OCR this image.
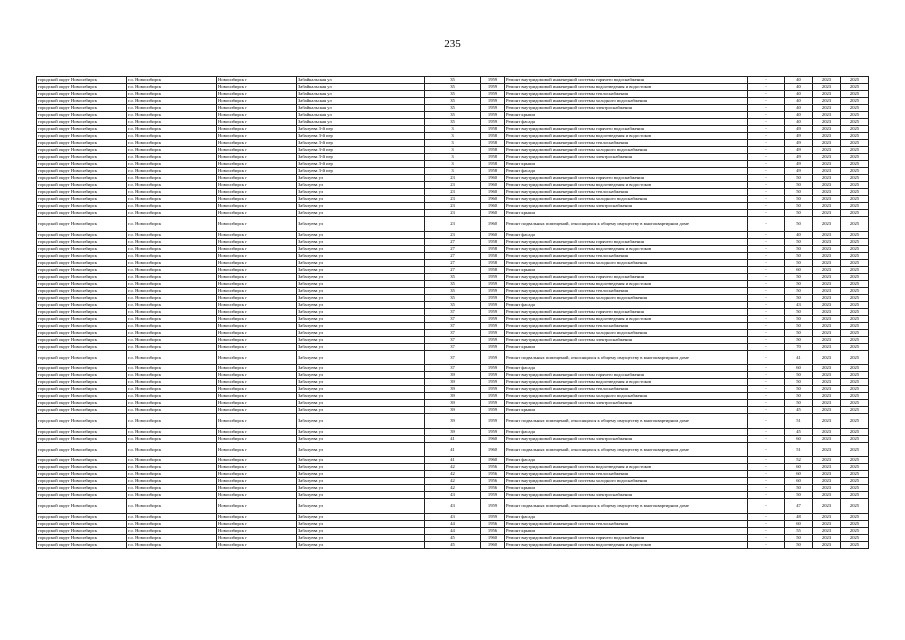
235
городской округ Новосибирск	г.о. Новосибирск	Новосибирск г	Забайкальская ул	35	1959	Ремонт внутридомовой инженерной системы горячего водоснабжения	-	40	2023	2025
городской округ Новосибирск	г.о. Новосибирск	Новосибирск г	Забайкальская ул	35	1959	Ремонт внутридомовой инженерной системы водоотведения и водостоков	-	40	2023	2025
городской округ Новосибирск	г.о. Новосибирск	Новосибирск г	Забайкальская ул	35	1959	Ремонт внутридомовой инженерной системы теплоснабжения	-	40	2023	2025
городской округ Новосибирск	г.о. Новосибирск	Новосибирск г	Забайкальская ул	35	1959	Ремонт внутридомовой инженерной системы холодного водоснабжения	-	40	2023	2025
городской округ Новосибирск	г.о. Новосибирск	Новосибирск г	Забайкальская ул	35	1959	Ремонт внутридомовой инженерной системы электроснабжения	-	40	2023	2025
городской округ Новосибирск	г.о. Новосибирск	Новосибирск г	Забайкальская ул	35	1959	Ремонт крыши	-	40	2023	2025
городской округ Новосибирск	г.о. Новосибирск	Новосибирск г	Забайкальская ул	35	1959	Ремонт фасада	-	40	2023	2025
городской округ Новосибирск	г.о. Новосибирск	Новосибирск г	Забалуева 3-й пер	3	1958	Ремонт внутридомовой инженерной системы горячего водоснабжения	-	49	2023	2025
городской округ Новосибирск	г.о. Новосибирск	Новосибирск г	Забалуева 3-й пер	3	1958	Ремонт внутридомовой инженерной системы водоотведения и водостоков	-	49	2023	2025
городской округ Новосибирск	г.о. Новосибирск	Новосибирск г	Забалуева 3-й пер	3	1958	Ремонт внутридомовой инженерной системы теплоснабжения	-	49	2023	2025
городской округ Новосибирск	г.о. Новосибирск	Новосибирск г	Забалуева 3-й пер	3	1958	Ремонт внутридомовой инженерной системы холодного водоснабжения	-	49	2023	2025
городской округ Новосибирск	г.о. Новосибирск	Новосибирск г	Забалуева 3-й пер	3	1958	Ремонт внутридомовой инженерной системы электроснабжения	-	49	2023	2025
городской округ Новосибирск	г.о. Новосибирск	Новосибирск г	Забалуева 3-й пер	3	1958	Ремонт крыши	-	49	2023	2025
городской округ Новосибирск	г.о. Новосибирск	Новосибирск г	Забалуева 3-й пер	3	1958	Ремонт фасада	-	49	2023	2025
городской округ Новосибирск	г.о. Новосибирск	Новосибирск г	Забалуева ул	23	1960	Ремонт внутридомовой инженерной системы горячего водоснабжения	-	50	2023	2025
городской округ Новосибирск	г.о. Новосибирск	Новосибирск г	Забалуева ул	23	1960	Ремонт внутридомовой инженерной системы водоотведения и водостоков	-	50	2023	2025
городской округ Новосибирск	г.о. Новосибирск	Новосибирск г	Забалуева ул	23	1960	Ремонт внутридомовой инженерной системы теплоснабжения	-	50	2023	2025
городской округ Новосибирск	г.о. Новосибирск	Новосибирск г	Забалуева ул	23	1960	Ремонт внутридомовой инженерной системы холодного водоснабжения	-	50	2023	2025
городской округ Новосибирск	г.о. Новосибирск	Новосибирск г	Забалуева ул	23	1960	Ремонт внутридомовой инженерной системы электроснабжения	-	50	2023	2025
городской округ Новосибирск	г.о. Новосибирск	Новосибирск г	Забалуева ул	23	1960	Ремонт крыши	-	50	2023	2025
городской округ Новосибирск	г.о. Новосибирск	Новосибирск г	Забалуева ул	23	1960	Ремонт подвальных помещений, относящихся к общему имуществу в многоквартирном доме	-	50	2023	2025
городской округ Новосибирск	г.о. Новосибирск	Новосибирск г	Забалуева ул	23	1960	Ремонт фасада	-	40	2023	2025
городской округ Новосибирск	г.о. Новосибирск	Новосибирск г	Забалуева ул	27	1958	Ремонт внутридомовой инженерной системы горячего водоснабжения	-	50	2023	2025
городской округ Новосибирск	г.о. Новосибирск	Новосибирск г	Забалуева ул	27	1958	Ремонт внутридомовой инженерной системы водоотведения и водостоков	-	50	2023	2025
городской округ Новосибирск	г.о. Новосибирск	Новосибирск г	Забалуева ул	27	1958	Ремонт внутридомовой инженерной системы теплоснабжения	-	50	2023	2025
городской округ Новосибирск	г.о. Новосибирск	Новосибирск г	Забалуева ул	27	1958	Ремонт внутридомовой инженерной системы холодного водоснабжения	-	50	2023	2025
городской округ Новосибирск	г.о. Новосибирск	Новосибирск г	Забалуева ул	27	1958	Ремонт крыши	-	60	2023	2025
городской округ Новосибирск	г.о. Новосибирск	Новосибирск г	Забалуева ул	35	1959	Ремонт внутридомовой инженерной системы горячего водоснабжения	-	50	2023	2025
городской округ Новосибирск	г.о. Новосибирск	Новосибирск г	Забалуева ул	35	1959	Ремонт внутридомовой инженерной системы водоотведения и водостоков	-	50	2023	2025
городской округ Новосибирск	г.о. Новосибирск	Новосибирск г	Забалуева ул	35	1959	Ремонт внутридомовой инженерной системы теплоснабжения	-	50	2023	2025
городской округ Новосибирск	г.о. Новосибирск	Новосибирск г	Забалуева ул	35	1959	Ремонт внутридомовой инженерной системы холодного водоснабжения	-	50	2023	2025
городской округ Новосибирск	г.о. Новосибирск	Новосибирск г	Забалуева ул	35	1959	Ремонт фасада	-	43	2023	2025
городской округ Новосибирск	г.о. Новосибирск	Новосибирск г	Забалуева ул	37	1959	Ремонт внутридомовой инженерной системы горячего водоснабжения	-	50	2023	2025
городской округ Новосибирск	г.о. Новосибирск	Новосибирск г	Забалуева ул	37	1959	Ремонт внутридомовой инженерной системы водоотведения и водостоков	-	50	2023	2025
городской округ Новосибирск	г.о. Новосибирск	Новосибирск г	Забалуева ул	37	1959	Ремонт внутридомовой инженерной системы теплоснабжения	-	50	2023	2025
городской округ Новосибирск	г.о. Новосибирск	Новосибирск г	Забалуева ул	37	1959	Ремонт внутридомовой инженерной системы холодного водоснабжения	-	50	2023	2025
городской округ Новосибирск	г.о. Новосибирск	Новосибирск г	Забалуева ул	37	1959	Ремонт внутридомовой инженерной системы электроснабжения	-	50	2023	2025
городской округ Новосибирск	г.о. Новосибирск	Новосибирск г	Забалуева ул	37	1959	Ремонт крыши	-	70	2023	2025
городской округ Новосибирск	г.о. Новосибирск	Новосибирск г	Забалуева ул	37	1959	Ремонт подвальных помещений, относящихся к общему имуществу в многоквартирном доме	-	41	2023	2025
городской округ Новосибирск	г.о. Новосибирск	Новосибирск г	Забалуева ул	37	1959	Ремонт фасада	-	60	2023	2025
городской округ Новосибирск	г.о. Новосибирск	Новосибирск г	Забалуева ул	39	1959	Ремонт внутридомовой инженерной системы горячего водоснабжения	-	50	2023	2025
городской округ Новосибирск	г.о. Новосибирск	Новосибирск г	Забалуева ул	39	1959	Ремонт внутридомовой инженерной системы водоотведения и водостоков	-	50	2023	2025
городской округ Новосибирск	г.о. Новосибирск	Новосибирск г	Забалуева ул	39	1959	Ремонт внутридомовой инженерной системы теплоснабжения	-	50	2023	2025
городской округ Новосибирск	г.о. Новосибирск	Новосибирск г	Забалуева ул	39	1959	Ремонт внутридомовой инженерной системы холодного водоснабжения	-	50	2023	2025
городской округ Новосибирск	г.о. Новосибирск	Новосибирск г	Забалуева ул	39	1959	Ремонт внутридомовой инженерной системы электроснабжения	-	50	2023	2025
городской округ Новосибирск	г.о. Новосибирск	Новосибирск г	Забалуева ул	39	1959	Ремонт крыши	-	45	2023	2025
городской округ Новосибирск	г.о. Новосибирск	Новосибирск г	Забалуева ул	39	1959	Ремонт подвальных помещений, относящихся к общему имуществу в многоквартирном доме	-	51	2023	2025
городской округ Новосибирск	г.о. Новосибирск	Новосибирск г	Забалуева ул	39	1959	Ремонт фасада	-	45	2023	2025
городской округ Новосибирск	г.о. Новосибирск	Новосибирск г	Забалуева ул	41	1960	Ремонт внутридомовой инженерной системы электроснабжения	-	60	2023	2025
городской округ Новосибирск	г.о. Новосибирск	Новосибирск г	Забалуева ул	41	1960	Ремонт подвальных помещений, относящихся к общему имуществу в многоквартирном доме	-	51	2023	2025
городской округ Новосибирск	г.о. Новосибирск	Новосибирск г	Забалуева ул	41	1960	Ремонт фасада	-	52	2023	2025
городской округ Новосибирск	г.о. Новосибирск	Новосибирск г	Забалуева ул	42	1956	Ремонт внутридомовой инженерной системы водоотведения и водостоков	-	60	2023	2025
городской округ Новосибирск	г.о. Новосибирск	Новосибирск г	Забалуева ул	42	1956	Ремонт внутридомовой инженерной системы теплоснабжения	-	60	2023	2025
городской округ Новосибирск	г.о. Новосибирск	Новосибирск г	Забалуева ул	42	1956	Ремонт внутридомовой инженерной системы холодного водоснабжения	-	60	2023	2025
городской округ Новосибирск	г.о. Новосибирск	Новосибирск г	Забалуева ул	42	1956	Ремонт крыши	-	50	2023	2025
городской округ Новосибирск	г.о. Новосибирск	Новосибирск г	Забалуева ул	43	1959	Ремонт внутридомовой инженерной системы электроснабжения	-	50	2023	2025
городской округ Новосибирск	г.о. Новосибирск	Новосибирск г	Забалуева ул	43	1959	Ремонт подвальных помещений, относящихся к общему имуществу в многоквартирном доме	-	47	2023	2025
городской округ Новосибирск	г.о. Новосибирск	Новосибирск г	Забалуева ул	43	1959	Ремонт фасада	-	48	2023	2025
городской округ Новосибирск	г.о. Новосибирск	Новосибирск г	Забалуева ул	44	1956	Ремонт внутридомовой инженерной системы теплоснабжения	-	60	2023	2025
городской округ Новосибирск	г.о. Новосибирск	Новосибирск г	Забалуева ул	44	1956	Ремонт крыши	-	55	2023	2025
городской округ Новосибирск	г.о. Новосибирск	Новосибирск г	Забалуева ул	45	1960	Ремонт внутридомовой инженерной системы горячего водоснабжения	-	50	2023	2025
городской округ Новосибирск	г.о. Новосибирск	Новосибирск г	Забалуева ул	45	1960	Ремонт внутридомовой инженерной системы водоотведения и водостоков	-	50	2023	2025
